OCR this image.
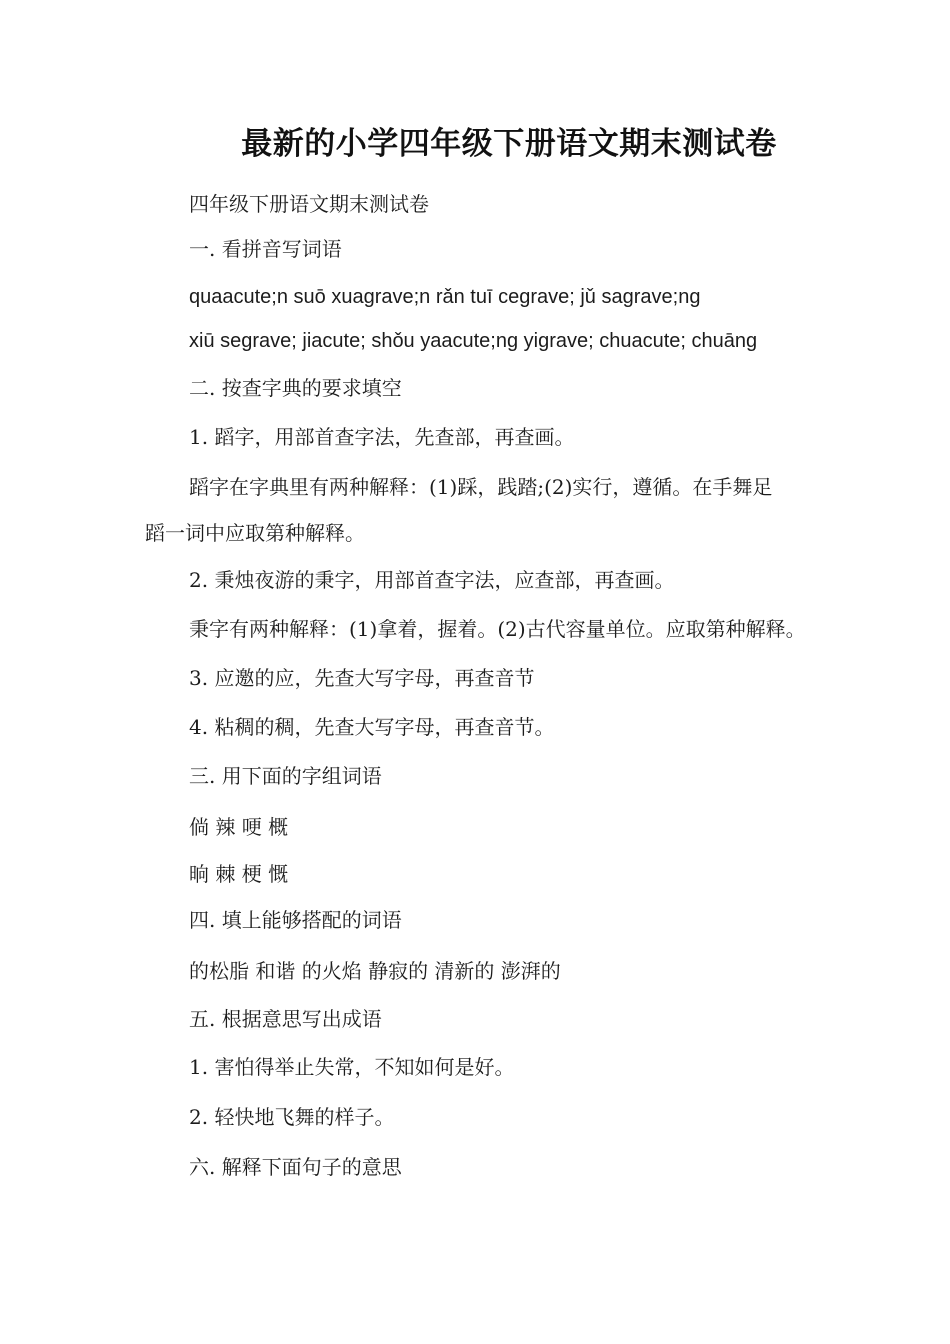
最新的小学四年级下册语文期末测试卷
四年级下册语文期末测试卷
一. 看拼音写词语
quaacute;n suō xuagrave;n rǎn tuī cegrave; jǔ sagrave;ng
xiū segrave; jiacute; shǒu yaacute;ng yigrave; chuacute; chuāng
二. 按查字典的要求填空
1. 蹈字，用部首查字法，先查部，再查画。
蹈字在字典里有两种解释：(1)踩，践踏;(2)实行，遵循。在手舞足
蹈一词中应取第种解释。
2. 秉烛夜游的秉字，用部首查字法，应查部，再查画。
秉字有两种解释：(1)拿着，握着。(2)古代容量单位。应取第种解释。
3. 应邀的应，先查大写字母，再查音节
4. 粘稠的稠，先查大写字母，再查音节。
三. 用下面的字组词语
倘 辣 哽 概
晌 棘 梗 慨
四. 填上能够搭配的词语
的松脂 和谐 的火焰 静寂的 清新的 澎湃的
五. 根据意思写出成语
1. 害怕得举止失常，不知如何是好。
2. 轻快地飞舞的样子。
六. 解释下面句子的意思
